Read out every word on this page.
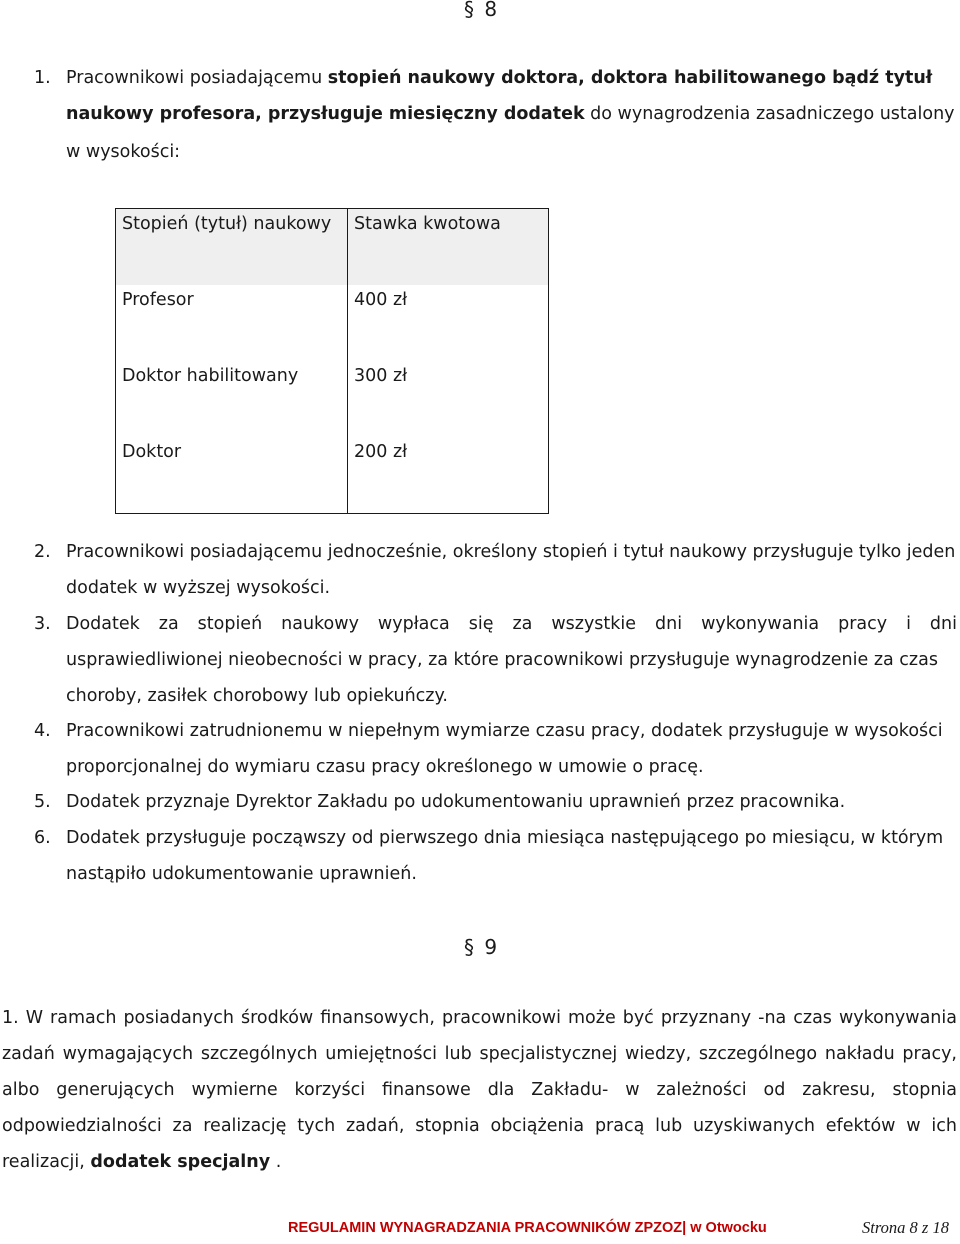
§ 8
1. Pracownikowi posiadającemu stopień naukowy doktora, doktora habilitowanego bądź tytuł
naukowy profesora, przysługuje miesięczny dodatek do wynagrodzenia zasadniczego ustalony
w wysokości:
Stopień (tytuł) naukowy	Stawka kwotowa
Profesor	400 zł
Doktor habilitowany	300 zł
Doktor	200 zł
2. Pracownikowi posiadającemu jednocześnie, określony stopień i tytuł naukowy przysługuje tylko jeden
dodatek w wyższej wysokości.
3. Dodatek za stopień naukowy wypłaca się za wszystkie dni wykonywania pracy i dni
usprawiedliwionej nieobecności w pracy, za które pracownikowi przysługuje wynagrodzenie za czas
choroby, zasiłek chorobowy lub opiekuńczy.
4. Pracownikowi zatrudnionemu w niepełnym wymiarze czasu pracy, dodatek przysługuje w wysokości
proporcjonalnej do wymiaru czasu pracy określonego w umowie o pracę.
5. Dodatek przyznaje Dyrektor Zakładu po udokumentowaniu uprawnień przez pracownika.
6. Dodatek przysługuje począwszy od pierwszego dnia miesiąca następującego po miesiącu, w którym
nastąpiło udokumentowanie uprawnień.
§ 9
1. W ramach posiadanych środków finansowych, pracownikowi może być przyznany -na czas wykonywania
zadań wymagających szczególnych umiejętności lub specjalistycznej wiedzy, szczególnego nakładu pracy,
albo generujących wymierne korzyści finansowe dla Zakładu- w zależności od zakresu, stopnia
odpowiedzialności za realizację tych zadań, stopnia obciążenia pracą lub uzyskiwanych efektów w ich
realizacji, dodatek specjalny .
REGULAMIN WYNAGRADZANIA PRACOWNIKÓW ZPZOZ| w Otwocku	Strona 8 z 18
